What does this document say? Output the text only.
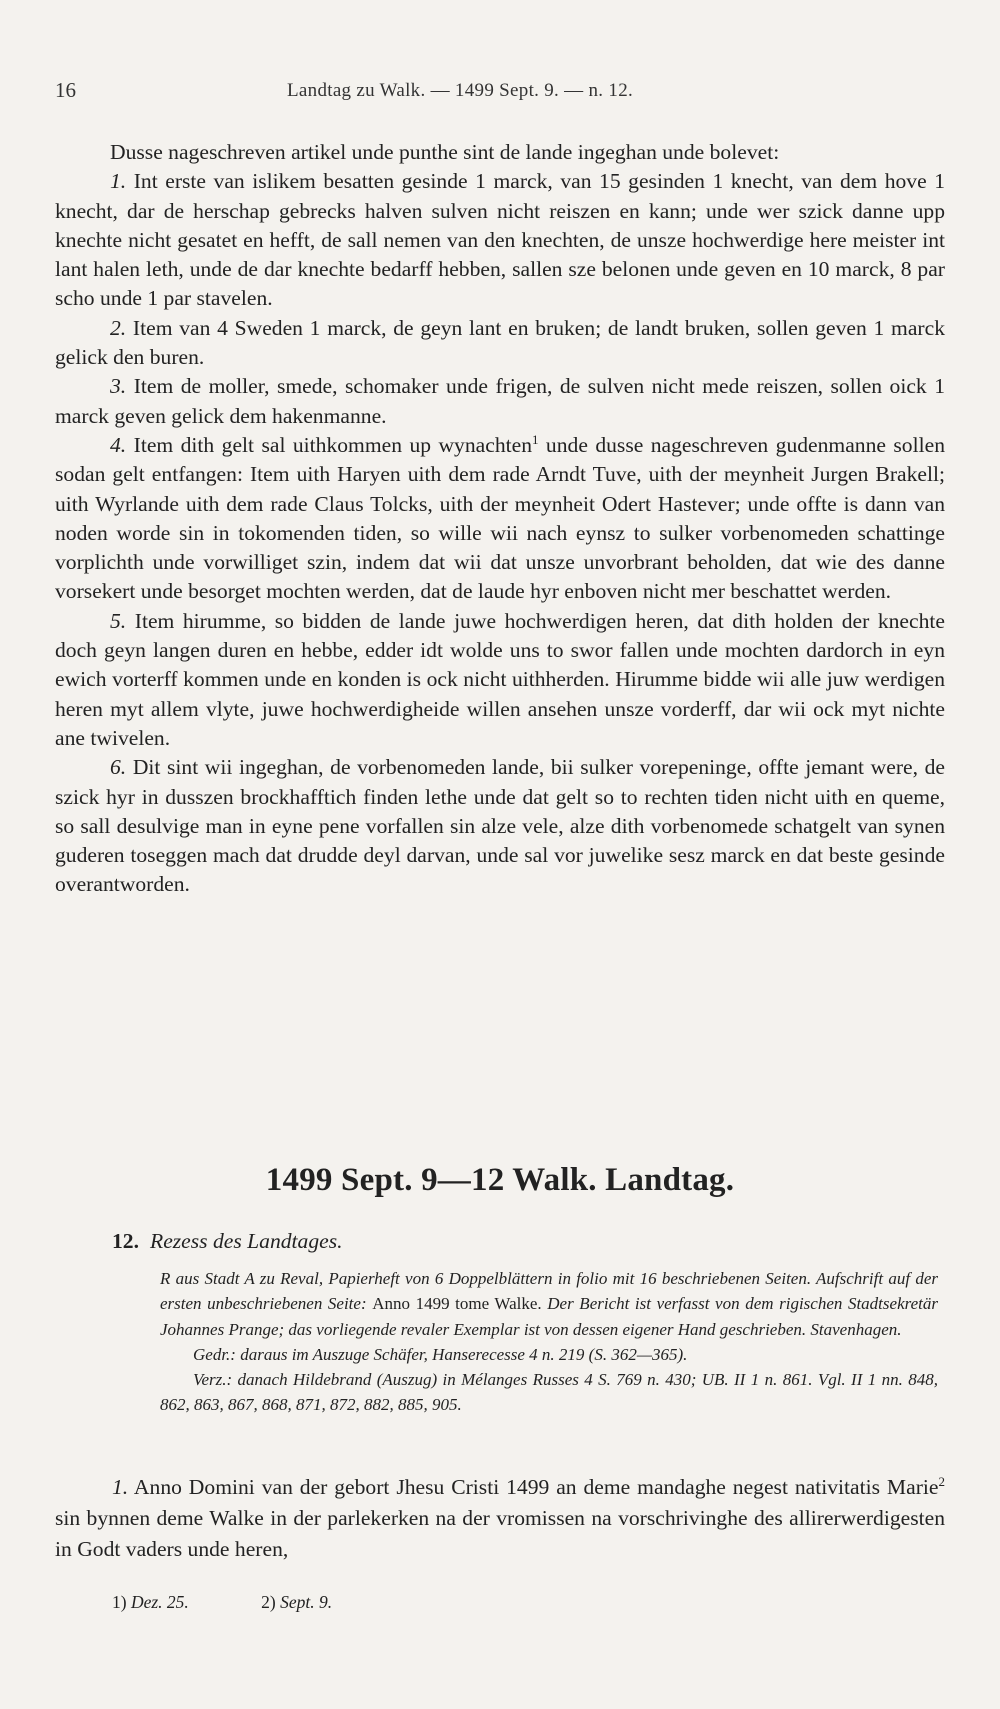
16	Landtag zu Walk. — 1499 Sept. 9. — n. 12.

Dusse nageschreven artikel unde punthe sint de lande ingeghan unde bolevet:

1. Int erste van islikem besatten gesinde 1 marck, van 15 gesinden 1 knecht, van dem hove 1 knecht, dar de herschap gebrecks halven sulven nicht reiszen en kann; unde wer szick danne upp knechte nicht gesatet en hefft, de sall nemen van den knechten, de unsze hochwerdige here meister int lant halen leth, unde de dar knechte bedarff hebben, sallen sze belonen unde geven en 10 marck, 8 par scho unde 1 par stavelen.

2. Item van 4 Sweden 1 marck, de geyn lant en bruken; de landt bruken, sollen geven 1 marck gelick den buren.

3. Item de moller, smede, schomaker unde frigen, de sulven nicht mede reiszen, sollen oick 1 marck geven gelick dem hakenmanne.

4. Item dith gelt sal uithkommen up wynachten$^1$ unde dusse nageschreven gudenmanne sollen sodan gelt entfangen: Item uith Haryen uith dem rade Arndt Tuve, uith der meynheit Jurgen Brakell; uith Wyrlande uith dem rade Claus Tolcks, uith der meynheit Odert Hastever; unde offte is dann van noden worde sin in tokomenden tiden, so wille wii nach eynsz to sulker vorbenomeden schattinge vorplichth unde vorwilliget szin, indem dat wii dat unsze unvorbrant beholden, dat wie des danne vorsekert unde besorget mochten werden, dat de laude hyr enboven nicht mer beschattet werden.

5. Item hirumme, so bidden de lande juwe hochwerdigen heren, dat dith holden der knechte doch geyn langen duren en hebbe, edder idt wolde uns to swor fallen unde mochten dardorch in eyn ewich vorterff kommen unde en konden is ock nicht uithherden. Hirumme bidde wii alle juw werdigen heren myt allem vlyte, juwe hochwerdigheide willen ansehen unsze vorderff, dar wii ock myt nichte ane twivelen.

6. Dit sint wii ingeghan, de vorbenomeden lande, bii sulker vorepeninge, offte jemant were, de szick hyr in dusszen brockhafftich finden lethe unde dat gelt so to rechten tiden nicht uith en queme, so sall desulvige man in eyne pene vorfallen sin alze vele, alze dith vorbenomede schatgelt van synen guderen toseggen mach dat drudde deyl darvan, unde sal vor juwelike sesz marck en dat beste gesinde overantworden.

1499 Sept. 9—12 Walk. Landtag.
12. Rezess des Landtages.

R aus Stadt A zu Reval, Papierheft von 6 Doppelblättern in folio mit 16 beschriebenen Seiten. Aufschrift auf der ersten unbeschriebenen Seite: Anno 1499 tome Walke. Der Bericht ist verfasst von dem rigischen Stadtsekretär Johannes Prange; das vorliegende revaler Exemplar ist von dessen eigener Hand geschrieben. Stavenhagen.

Gedr.: daraus im Auszuge Schäfer, Hanserecesse 4 n. 219 (S. 362—365).

Verz.: danach Hildebrand (Auszug) in Mélanges Russes 4 S. 769 n. 430; UB. II 1 n. 861. Vgl. II 1 nn. 848, 862, 863, 867, 868, 871, 872, 882, 885, 905.

1. Anno Domini van der gebort Jhesu Cristi 1499 an deme mandaghe negest nativitatis Marie$^2$ sin bynnen deme Walke in der parlekerken na der vromissen na vorschrivinghe des allirerwerdigesten in Godt vaders unde heren,

1) Dez. 25.	2) Sept. 9.
